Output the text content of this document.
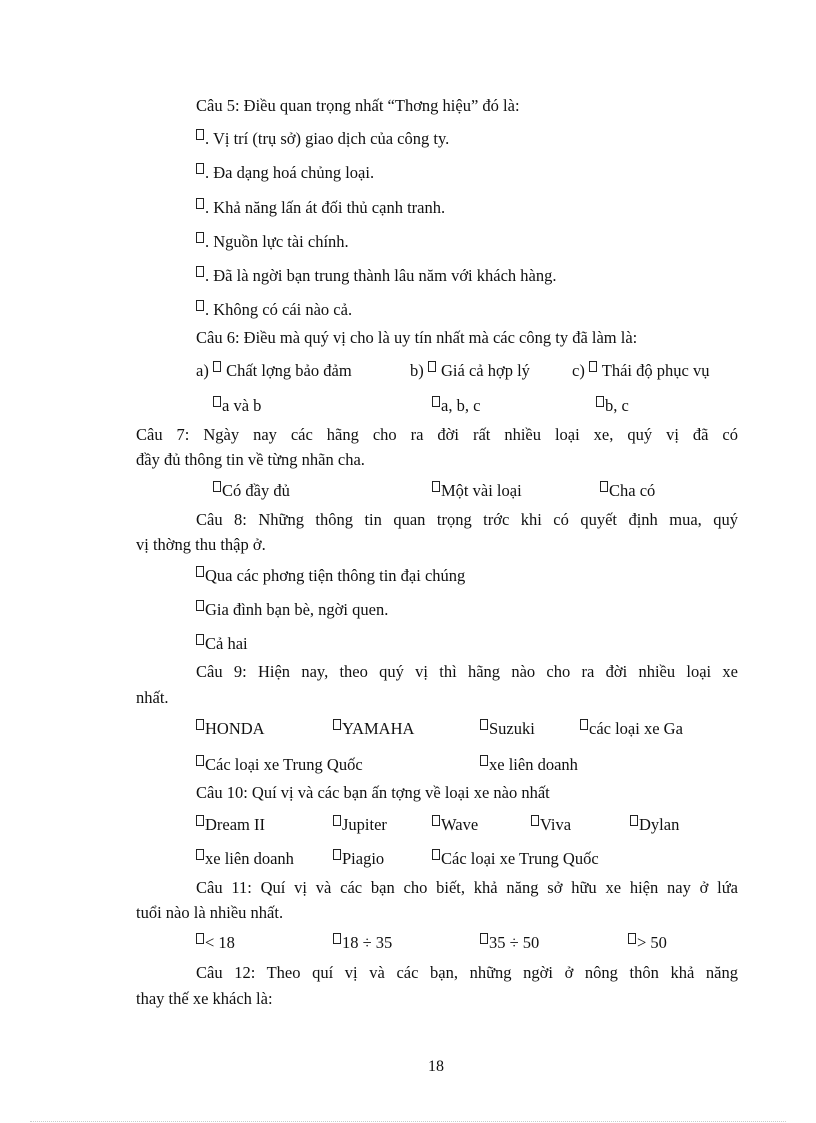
Câu 5: Điều quan trọng nhất “Thơng hiệu” đó là:
. Vị trí (trụ sở) giao dịch của công ty.
. Đa dạng hoá chủng loại.
. Khả năng lấn át đối thủ cạnh tranh.
. Nguồn lực tài chính.
. Đã là ngời bạn trung thành lâu năm với khách hàng.
. Không có cái nào cả.
Câu 6: Điều mà quý vị cho là uy tín nhất mà các công ty đã làm là:
a) Chất lợng bảo đảm	b) Giá cả hợp lý	c) Thái độ phục vụ
a và b	a, b, c	b, c
Câu 7: Ngày nay các hãng cho ra đời rất nhiều loại xe, quý vị đã có
đầy đủ thông tin về từng nhãn cha.
Có đầy đủ	Một vài loại	Cha có
Câu 8: Những thông tin quan trọng trớc khi có quyết định mua, quý
vị thờng thu thập ở.
Qua các phơng tiện thông tin đại chúng
Gia đình bạn bè, ngời quen.
Cả hai
Câu 9: Hiện nay, theo quý vị thì hãng nào cho ra đời nhiều loại xe
nhất.
HONDA	YAMAHA	Suzuki	các loại xe Ga
Các loại xe Trung Quốc	xe liên doanh
Câu 10: Quí vị và các bạn ấn tợng về loại xe nào nhất
Dream II	Jupiter	Wave	Viva	Dylan
xe liên doanh	Piagio	Các loại xe Trung Quốc
Câu 11: Quí vị và các bạn cho biết, khả năng sở hữu xe hiện nay ở lứa
tuổi nào là nhiều nhất.
< 18	18 ÷ 35	35 ÷ 50	> 50
Câu 12: Theo quí vị và các bạn, những ngời ở nông thôn khả năng
thay thế xe khách là:
18
